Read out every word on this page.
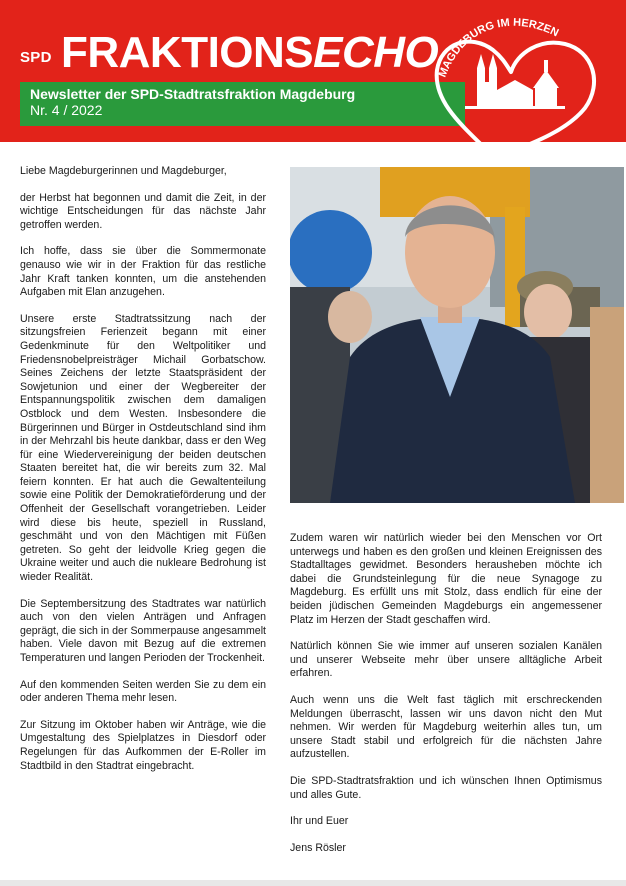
SPD FRAKTIONSECHO
Newsletter der SPD-Stadtratsfraktion Magdeburg
Nr. 4 / 2022
MAGDEBURG IM HERZEN

Liebe Magdeburgerinnen und Magdeburger,

der Herbst hat begonnen und damit die Zeit, in der wichtige Entscheidungen für das nächste Jahr getroffen werden.

Ich hoffe, dass sie über die Sommermonate genauso wie wir in der Fraktion für das restliche Jahr Kraft tanken konnten, um die anstehenden Aufgaben mit Elan anzugehen.

Unsere erste Stadtratssitzung nach der sitzungsfreien Ferienzeit begann mit einer Gedenkminute für den Weltpolitiker und Friedensnobelpreisträger Michail Gorbatschow. Seines Zeichens der letzte Staatspräsident der Sowjetunion und einer der Wegbereiter der Entspannungspolitik zwischen dem damaligen Ostblock und dem Westen. Insbesondere die Bürgerinnen und Bürger in Ostdeutschland sind ihm in der Mehrzahl bis heute dankbar, dass er den Weg für eine Wiedervereinigung der beiden deutschen Staaten bereitet hat, die wir bereits zum 32. Mal feiern konnten. Er hat auch die Gewaltenteilung sowie eine Politik der Demokratieförderung und der Offenheit der Gesellschaft vorangetrieben. Leider wird diese bis heute, speziell in Russland, geschmäht und von den Mächtigen mit Füßen getreten. So geht der leidvolle Krieg gegen die Ukraine weiter und auch die nukleare Bedrohung ist wieder Realität.

Die Septembersitzung des Stadtrates war natürlich auch von den vielen Anträgen und Anfragen geprägt, die sich in der Sommerpause angesammelt haben. Viele davon mit Bezug auf die extremen Temperaturen und langen Perioden der Trockenheit.

Auf den kommenden Seiten werden Sie zu dem ein oder anderen Thema mehr lesen.

Zur Sitzung im Oktober haben wir Anträge, wie die Umgestaltung des Spielplatzes in Diesdorf oder Regelungen für das Aufkommen der E-Roller im Stadtbild in den Stadtrat eingebracht.

Zudem waren wir natürlich wieder bei den Menschen vor Ort unterwegs und haben es den großen und kleinen Ereignissen des Stadtalltages gewidmet. Besonders herausheben möchte ich dabei die Grundsteinlegung für die neue Synagoge zu Magdeburg. Es erfüllt uns mit Stolz, dass endlich für eine der beiden jüdischen Gemeinden Magdeburgs ein angemessener Platz im Herzen der Stadt geschaffen wird.

Natürlich können Sie wie immer auf unseren sozialen Kanälen und unserer Webseite mehr über unsere alltägliche Arbeit erfahren.

Auch wenn uns die Welt fast täglich mit erschreckenden Meldungen überrascht, lassen wir uns davon nicht den Mut nehmen. Wir werden für Magdeburg weiterhin alles tun, um unsere Stadt stabil und erfolgreich für die nächsten Jahre aufzustellen.

Die SPD-Stadtratsfraktion und ich wünschen Ihnen Optimismus und alles Gute.

Ihr und Euer

Jens Rösler
